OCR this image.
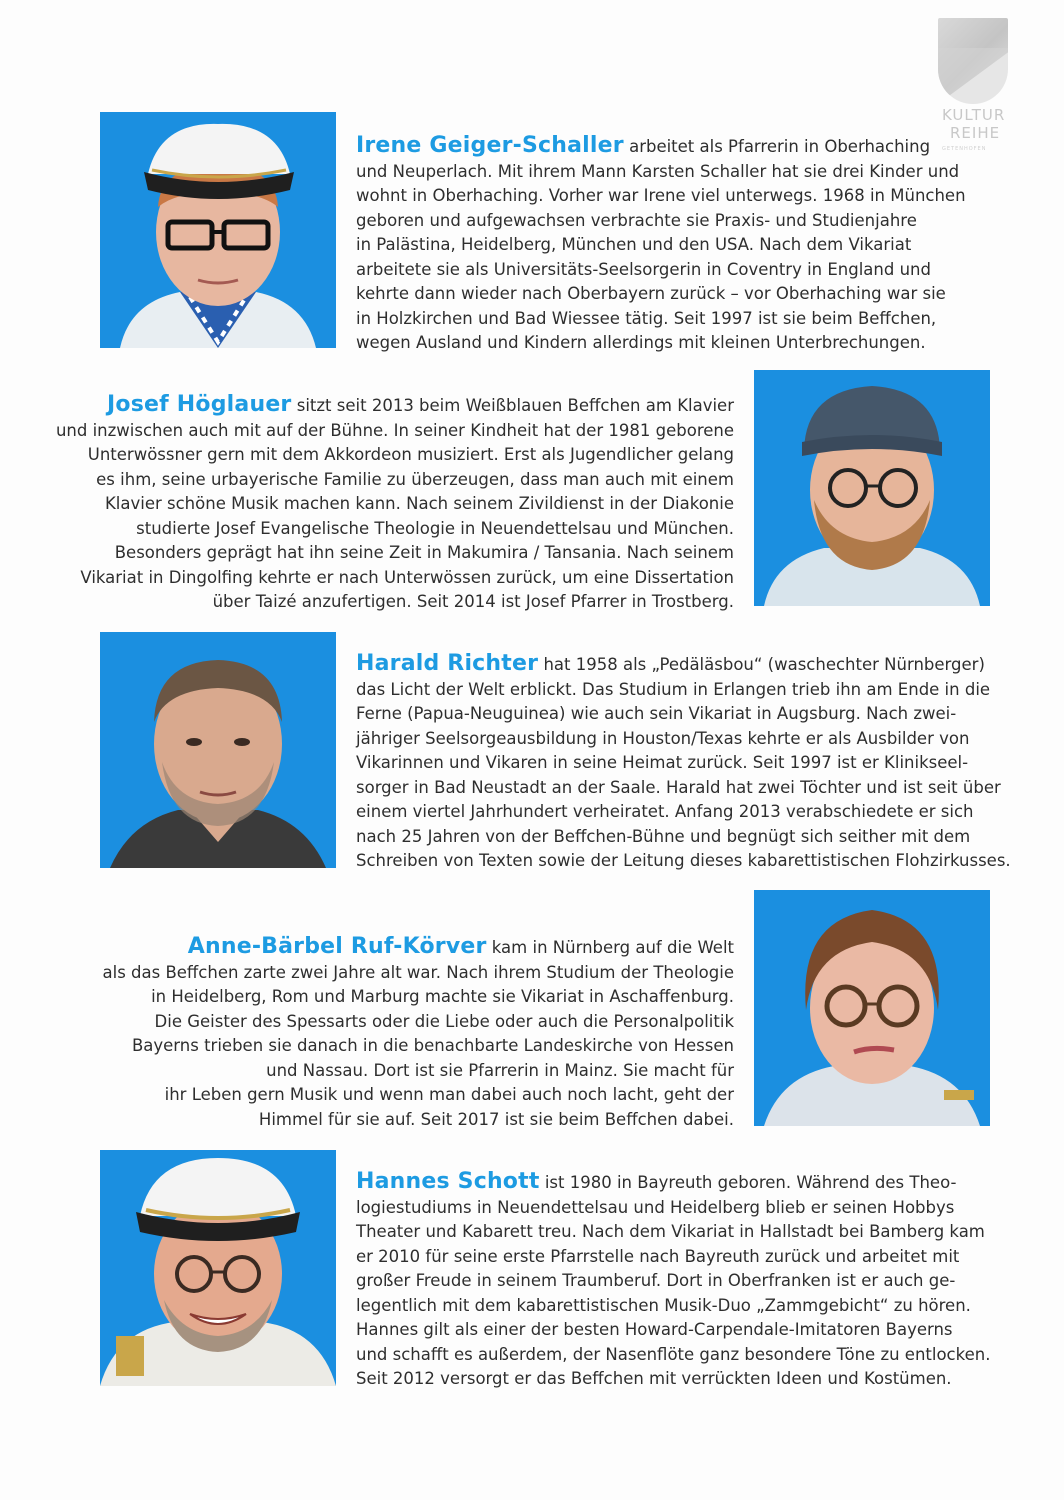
KULTUR
REIHE
GETENHOFEN

Irene Geiger-Schaller arbeitet als Pfarrerin in Oberhaching

und Neuperlach. Mit ihrem Mann Karsten Schaller hat sie drei Kinder und

wohnt in Oberhaching. Vorher war Irene viel unterwegs. 1968 in München

geboren und aufgewachsen verbrachte sie Praxis- und Studienjahre

in Palästina, Heidelberg, München und den USA. Nach dem Vikariat

arbeitete sie als Universitäts-Seelsorgerin in Coventry in England und

kehrte dann wieder nach Oberbayern zurück – vor Oberhaching war sie

in Holzkirchen und Bad Wiessee tätig. Seit 1997 ist sie beim Beffchen,

wegen Ausland und Kindern allerdings mit kleinen Unterbrechungen.

Josef Höglauer sitzt seit 2013 beim Weißblauen Beffchen am Klavier

und inzwischen auch mit auf der Bühne. In seiner Kindheit hat der 1981 geborene

Unterwössner gern mit dem Akkordeon musiziert. Erst als Jugendlicher gelang

es ihm, seine urbayerische Familie zu überzeugen, dass man auch mit einem

Klavier schöne Musik machen kann. Nach seinem Zivildienst in der Diakonie

studierte Josef Evangelische Theologie in Neuendettelsau und München.

Besonders geprägt hat ihn seine Zeit in Makumira / Tansania. Nach seinem

Vikariat in Dingolfing kehrte er nach Unterwössen zurück, um eine Dissertation

über Taizé anzufertigen. Seit 2014 ist Josef Pfarrer in Trostberg.

Harald Richter hat 1958 als „Pedäläsbou“ (waschechter Nürnberger)

das Licht der Welt erblickt. Das Studium in Erlangen trieb ihn am Ende in die

Ferne (Papua-Neuguinea) wie auch sein Vikariat in Augsburg. Nach zwei-

jähriger Seelsorgeausbildung in Houston/Texas kehrte er als Ausbilder von

Vikarinnen und Vikaren in seine Heimat zurück. Seit 1997 ist er Klinikseel-

sorger in Bad Neustadt an der Saale. Harald hat zwei Töchter und ist seit über

einem viertel Jahrhundert verheiratet. Anfang 2013 verabschiedete er sich

nach 25 Jahren von der Beffchen-Bühne und begnügt sich seither mit dem

Schreiben von Texten sowie der Leitung dieses kabarettistischen Flohzirkusses.

Anne-Bärbel Ruf-Körver kam in Nürnberg auf die Welt

als das Beffchen zarte zwei Jahre alt war. Nach ihrem Studium der Theologie

in Heidelberg, Rom und Marburg machte sie Vikariat in Aschaffenburg.

Die Geister des Spessarts oder die Liebe oder auch die Personalpolitik

Bayerns trieben sie danach in die benachbarte Landeskirche von Hessen

und Nassau. Dort ist sie Pfarrerin in Mainz. Sie macht für

ihr Leben gern Musik und wenn man dabei auch noch lacht, geht der

Himmel für sie auf. Seit 2017 ist sie beim Beffchen dabei.

Hannes Schott ist 1980 in Bayreuth geboren. Während des Theo-

logiestudiums in Neuendettelsau und Heidelberg blieb er seinen Hobbys

Theater und Kabarett treu. Nach dem Vikariat in Hallstadt bei Bamberg kam

er 2010 für seine erste Pfarrstelle nach Bayreuth zurück und arbeitet mit

großer Freude in seinem Traumberuf. Dort in Oberfranken ist er auch ge-

legentlich mit dem kabarettistischen Musik-Duo „Zammgebicht“ zu hören.

Hannes gilt als einer der besten Howard-Carpendale-Imitatoren Bayerns

und schafft es außerdem, der Nasenflöte ganz besondere Töne zu entlocken.

Seit 2012 versorgt er das Beffchen mit verrückten Ideen und Kostümen.
